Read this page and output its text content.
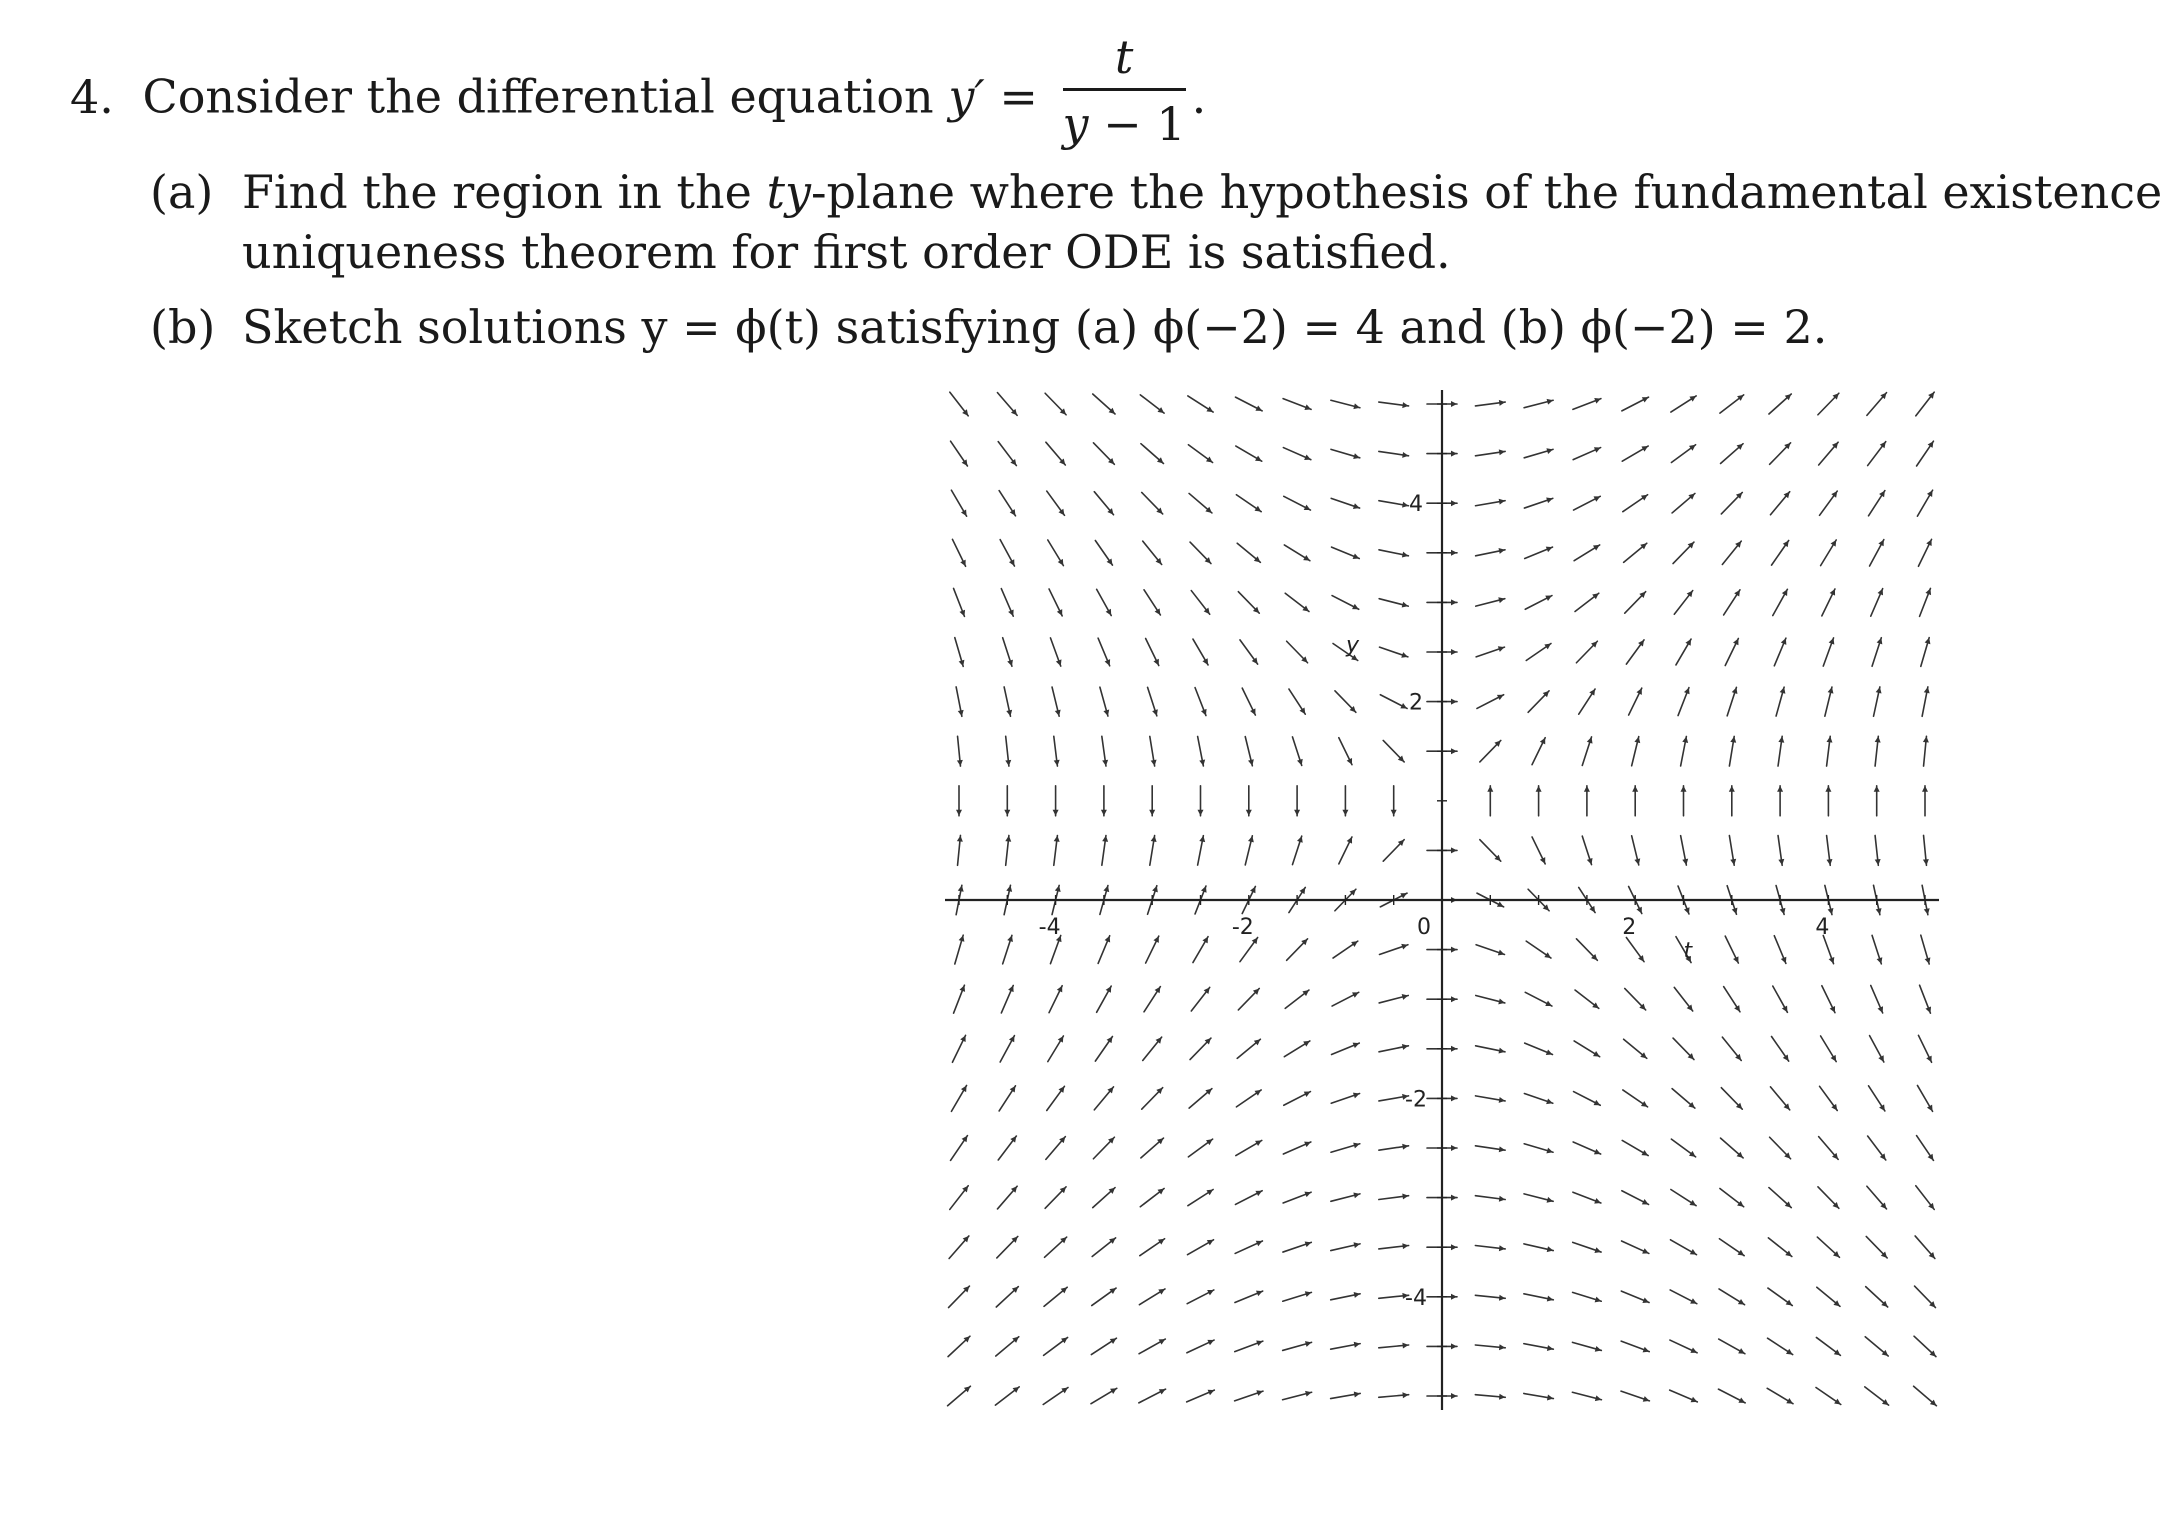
4. Consider the differential equation $y' = \frac{t}{y - 1}$ .
(a) Find the region in the ty-plane where the hypothesis of the fundamental existence
uniqueness theorem for first order ODE is satisfied.
(b) Sketch solutions y = ϕ(t) satisfying (a) ϕ(−2) = 4 and (b) ϕ(−2) = 2.
-4	-2	0	2	4
4
2
-2
-4
t
y
